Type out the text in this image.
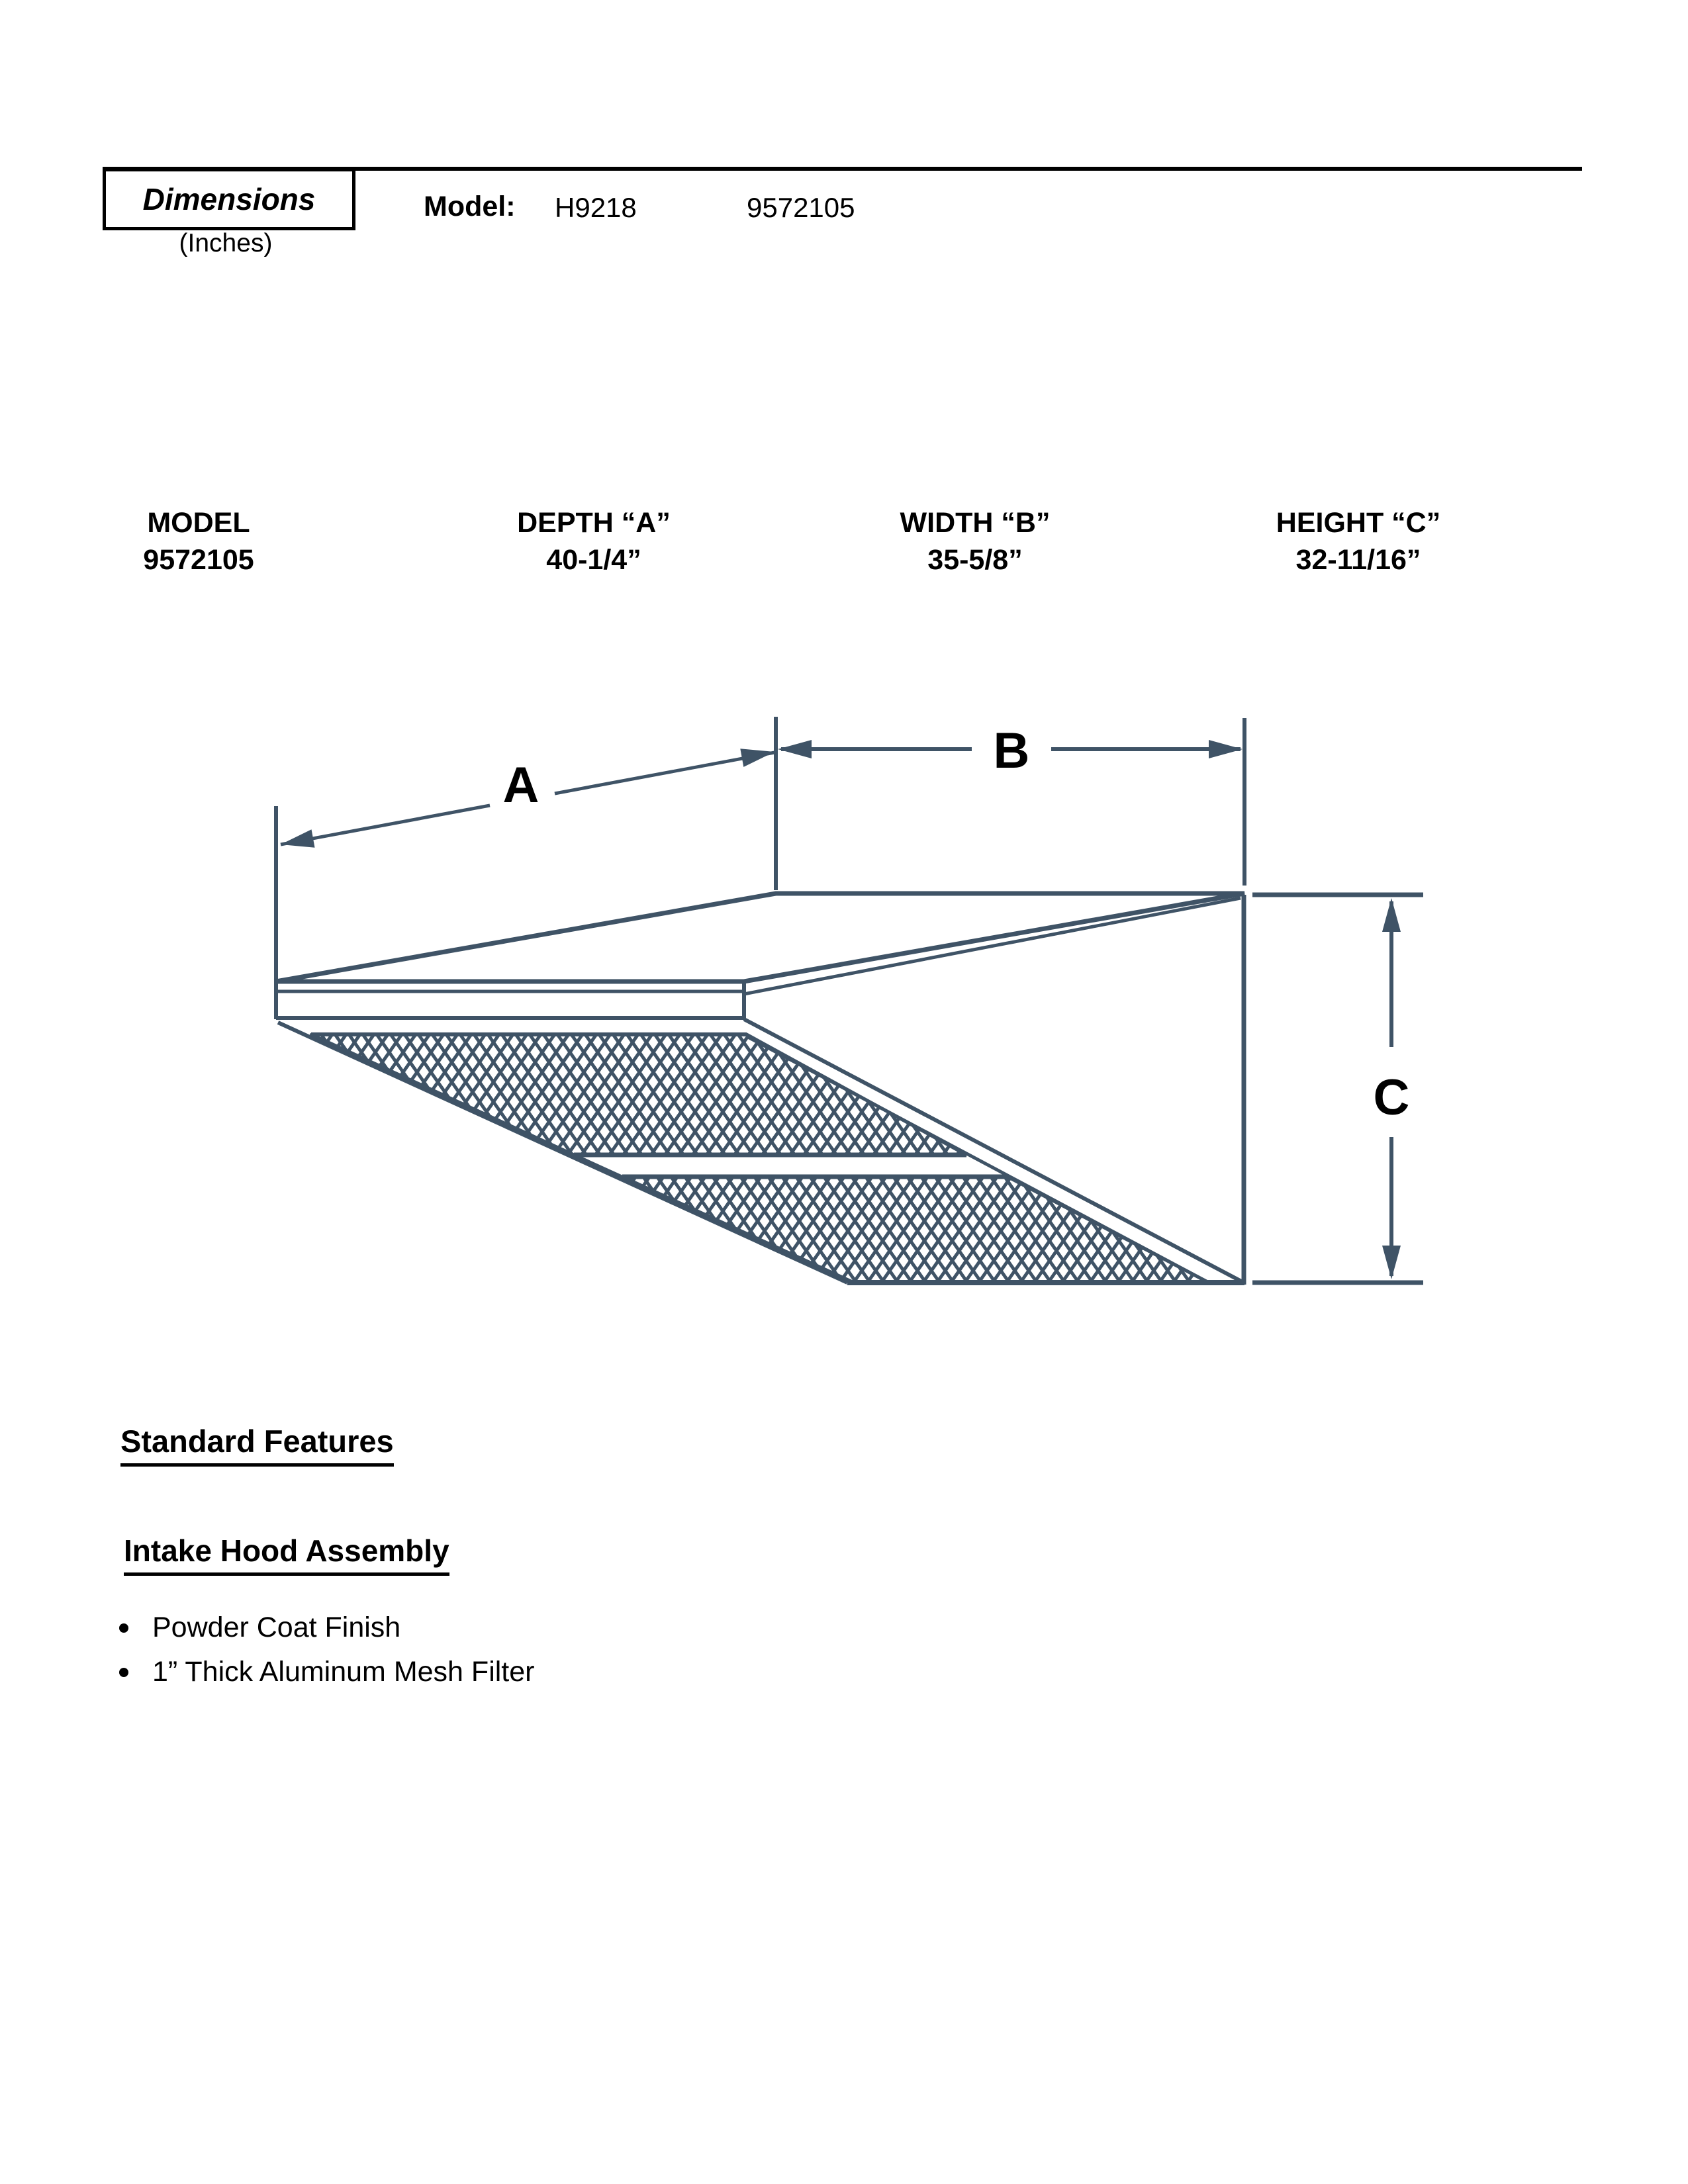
Dimensions
(Inches)
Model: H9218	9572105
MODEL
9572105
DEPTH “A”
40-1/4”
WIDTH “B”
35-5/8”
HEIGHT “C”
32-11/16”
A
B
C
Standard Features
Intake Hood Assembly
Powder Coat Finish
1” Thick Aluminum Mesh Filter
